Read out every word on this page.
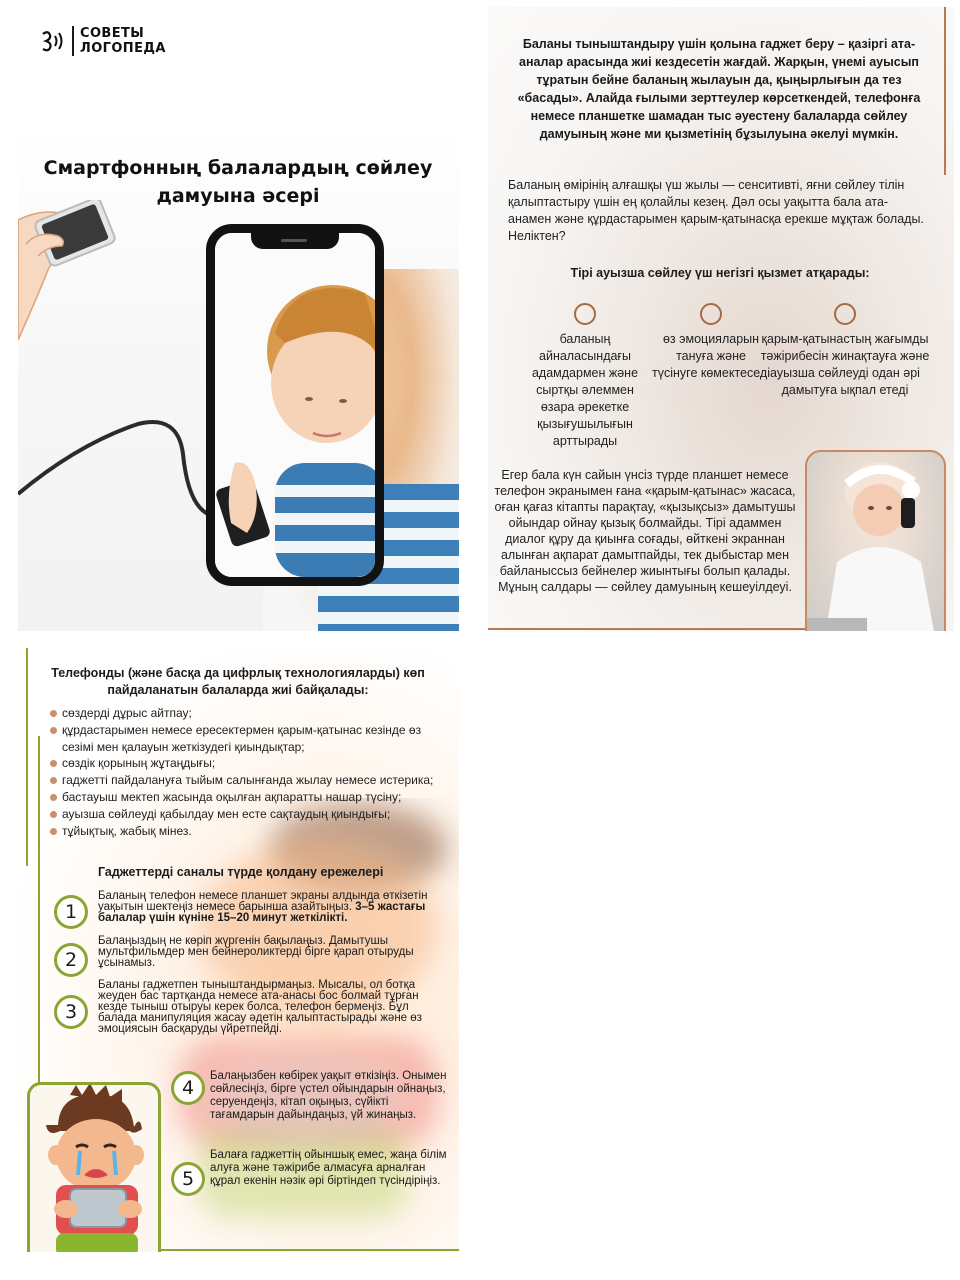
СОВЕТЫ
ЛОГОПЕДА
Смартфонның балалардың сөйлеу дамуына әсері

Баланы тыныштандыру үшін қолына гаджет беру – қазіргі ата-аналар арасында жиі кездесетін жағдай. Жарқын, үнемі ауысып тұратын бейне баланың жылауын да, қыңырлығын да тез «басады». Алайда ғылыми зерттеулер көрсеткендей, телефонға немесе планшетке шамадан тыс әуестену балаларда сөйлеу дамуының және ми қызметінің бұзылуына әкелуі мүмкін.

Баланың өмірінің алғашқы үш жылы — сенситивті, яғни сөйлеу тілін қалыптастыру үшін ең қолайлы кезең. Дәл осы уақытта бала ата-анамен және құрдастарымен қарым-қатынасқа ерекше мұқтаж болады. Неліктен?

Тірі ауызша сөйлеу үш негізгі қызмет атқарады:
баланың айналасындағы адамдармен және сыртқы әлеммен өзара әрекетке қызығушылығын арттырады
өз эмоцияларын тануға және түсінуге көмектеседі
қарым-қатынастың жағымды тәжірибесін жинақтауға және ауызша сөйлеуді одан әрі дамытуға ықпал етеді

Егер бала күн сайын үнсіз түрде планшет немесе телефон экранымен ғана «қарым-қатынас» жасаса, оған қағаз кітапты парақтау, «қызықсыз» дамытушы ойындар ойнау қызық болмайды. Тірі адаммен диалог құру да қиынға соғады, өйткені экраннан алынған ақпарат дамытпайды, тек дыбыстар мен байланыссыз бейнелер жиынтығы болып қалады. Мұның салдары — сөйлеу дамуының кешеуілдеуі.

Телефонды (және басқа да цифрлық технологияларды) көп пайдаланатын балаларда жиі байқалады:
сөздерді дұрыс айтпау;
құрдастарымен немесе ересектермен қарым-қатынас кезінде өз сезімі мен қалауын жеткізудегі қиындықтар;
сөздік қорының жұтаңдығы;
гаджетті пайдалануға тыйым салынғанда жылау немесе истерика;
бастауыш мектеп жасында оқылған ақпаратты нашар түсіну;
ауызша сөйлеуді қабылдау мен есте сақтаудың қиындығы;
тұйықтық, жабық мінез.
Гаджеттерді саналы түрде қолдану ережелері
1
Баланың телефон немесе планшет экраны алдында өткізетін уақытын шектеңіз немесе барынша азайтыңыз. 3–5 жастағы балалар үшін күніне 15–20 минут жеткілікті.
2
Балаңыздың не көріп жүргенін бақылаңыз. Дамытушы мультфильмдер мен бейнероликтерді бірге қарап отыруды ұсынамыз.
3
Баланы гаджетпен тыныштандырмаңыз. Мысалы, ол ботқа жеуден бас тартқанда немесе ата-анасы бос болмай тұрған кезде тыныш отыруы керек болса, телефон бермеңіз. Бұл балада манипуляция жасау әдетін қалыптастырады және өз эмоциясын басқаруды үйретпейді.
4
Балаңызбен көбірек уақыт өткізіңіз. Онымен сөйлесіңіз, бірге үстел ойындарын ойнаңыз, серуендеңіз, кітап оқыңыз, сүйікті тағамдарын дайындаңыз, үй жинаңыз.
5
Балаға гаджеттің ойыншық емес, жаңа білім алуға және тәжірибе алмасуға арналған құрал екенін нәзік әрі біртіндеп түсіндіріңіз.
